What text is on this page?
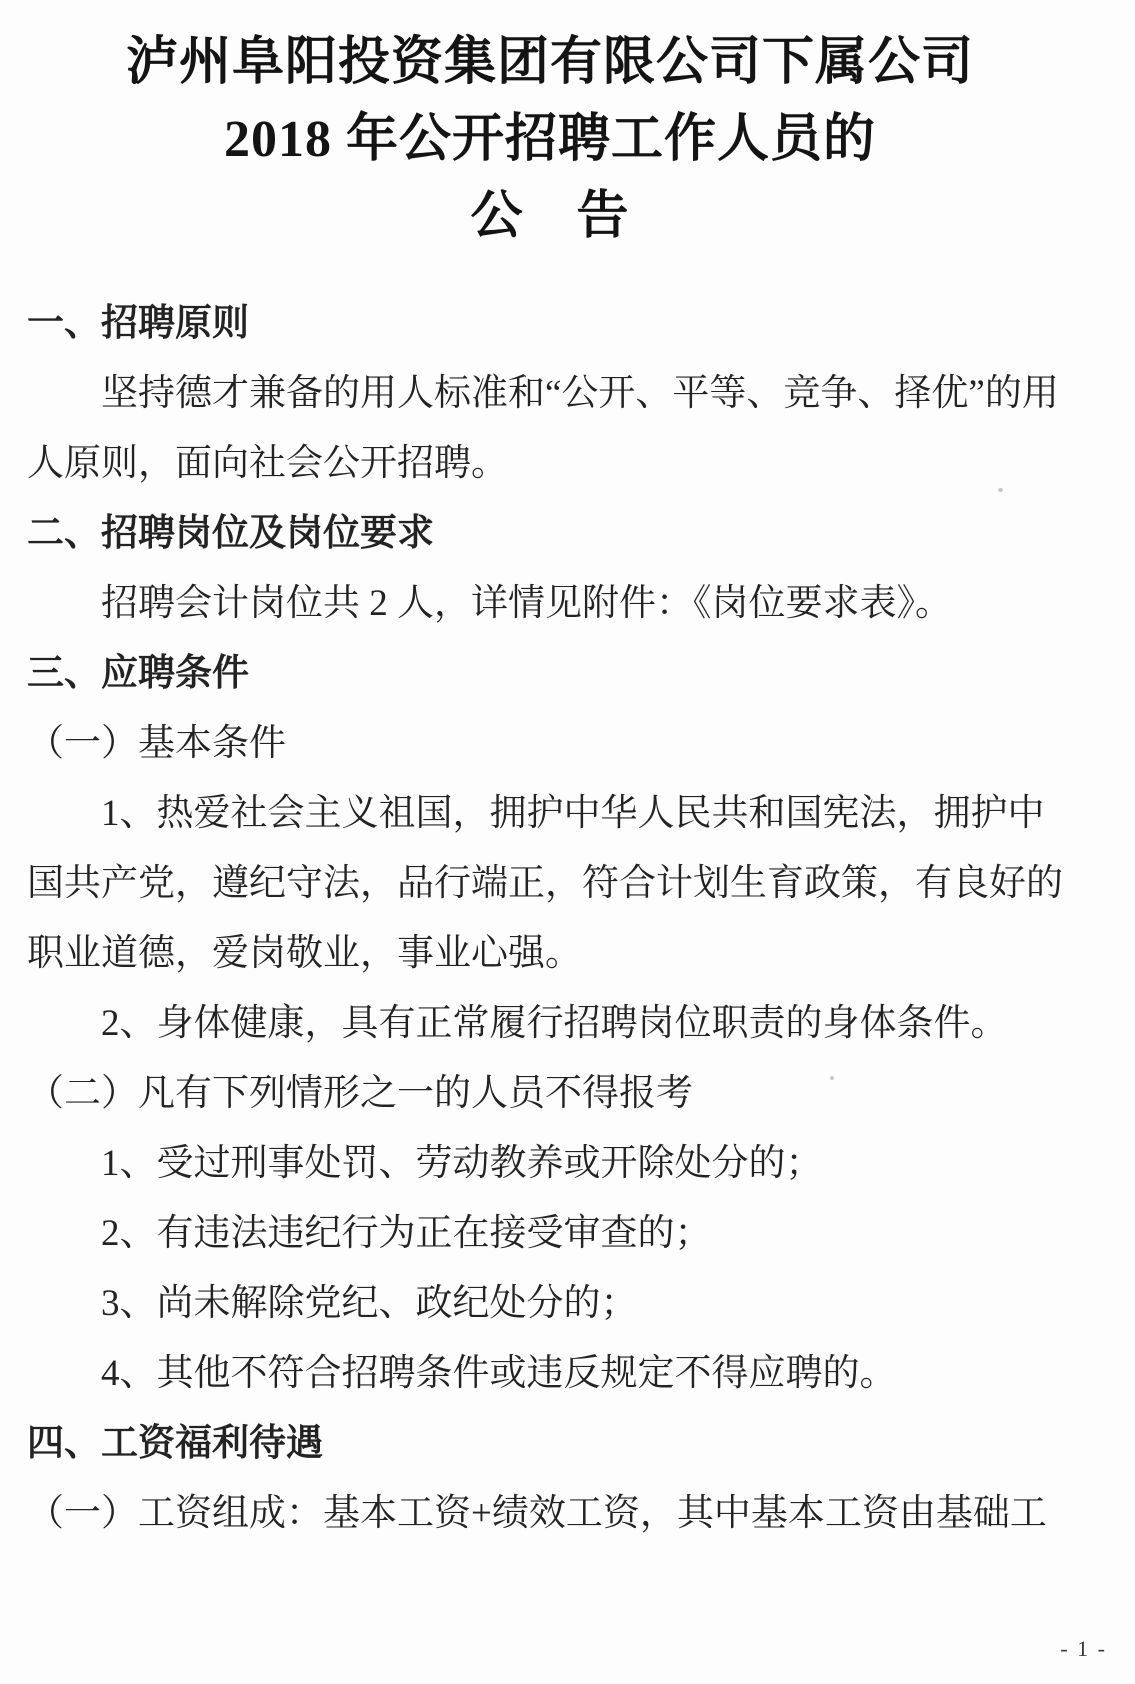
泸州阜阳投资集团有限公司下属公司
2018 年公开招聘工作人员的
公　告

一、招聘原则

坚持德才兼备的用人标准和“公开、平等、竞争、择优”的用人原则，面向社会公开招聘。

二、招聘岗位及岗位要求

招聘会计岗位共 2 人，详情见附件：《岗位要求表》。

三、应聘条件

（一）基本条件

1、热爱社会主义祖国，拥护中华人民共和国宪法，拥护中国共产党，遵纪守法，品行端正，符合计划生育政策，有良好的职业道德，爱岗敬业，事业心强。

2、身体健康，具有正常履行招聘岗位职责的身体条件。

（二）凡有下列情形之一的人员不得报考

1、受过刑事处罚、劳动教养或开除处分的；

2、有违法违纪行为正在接受审查的；

3、尚未解除党纪、政纪处分的；

4、其他不符合招聘条件或违反规定不得应聘的。

四、工资福利待遇

（一）工资组成：基本工资+绩效工资，其中基本工资由基础工

- 1 -
